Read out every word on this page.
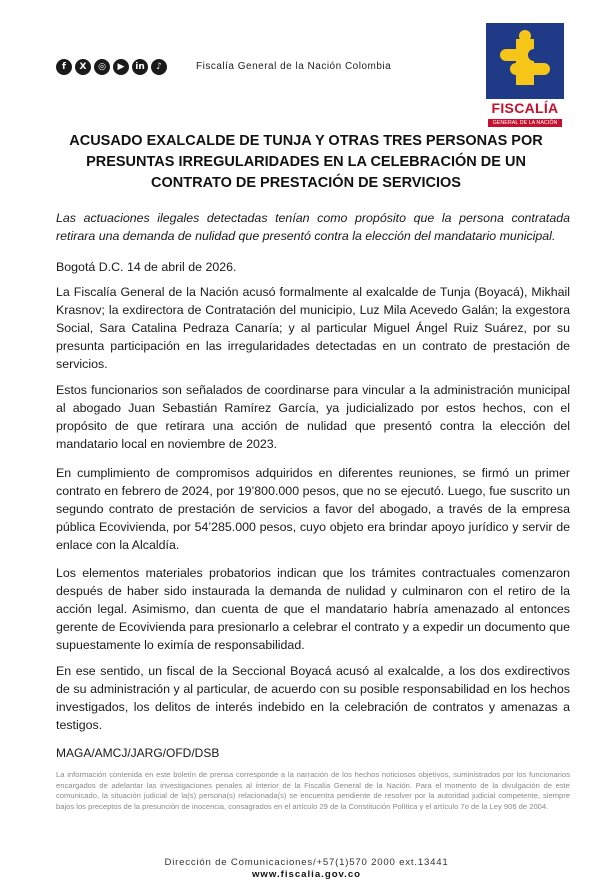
f	X	◎	▶	in	♪	Fiscalía General de la Nación Colombia
FISCALÍA
GENERAL DE LA NACIÓN
ACUSADO EXALCALDE DE TUNJA Y OTRAS TRES PERSONAS POR PRESUNTAS IRREGULARIDADES EN LA CELEBRACIÓN DE UN CONTRATO DE PRESTACIÓN DE SERVICIOS

Las actuaciones ilegales detectadas tenían como propósito que la persona contratada retirara una demanda de nulidad que presentó contra la elección del mandatario municipal.

Bogotá D.C. 14 de abril de 2026.

La Fiscalía General de la Nación acusó formalmente al exalcalde de Tunja (Boyacá), Mikhail Krasnov; la exdirectora de Contratación del municipio, Luz Mila Acevedo Galán; la exgestora Social, Sara Catalina Pedraza Canaría; y al particular Miguel Ángel Ruiz Suárez, por su presunta participación en las irregularidades detectadas en un contrato de prestación de servicios.

Estos funcionarios son señalados de coordinarse para vincular a la administración municipal al abogado Juan Sebastián Ramírez García, ya judicializado por estos hechos, con el propósito de que retirara una acción de nulidad que presentó contra la elección del mandatario local en noviembre de 2023.

En cumplimiento de compromisos adquiridos en diferentes reuniones, se firmó un primer contrato en febrero de 2024, por 19’800.000 pesos, que no se ejecutó. Luego, fue suscrito un segundo contrato de prestación de servicios a favor del abogado, a través de la empresa pública Ecovivienda, por 54’285.000 pesos, cuyo objeto era brindar apoyo jurídico y servir de enlace con la Alcaldía.

Los elementos materiales probatorios indican que los trámites contractuales comenzaron después de haber sido instaurada la demanda de nulidad y culminaron con el retiro de la acción legal. Asimismo, dan cuenta de que el mandatario habría amenazado al entonces gerente de Ecovivienda para presionarlo a celebrar el contrato y a expedir un documento que supuestamente lo eximía de responsabilidad.

En ese sentido, un fiscal de la Seccional Boyacá acusó al exalcalde, a los dos exdirectivos de su administración y al particular, de acuerdo con su posible responsabilidad en los hechos investigados, los delitos de interés indebido en la celebración de contratos y amenazas a testigos.

MAGA/AMCJ/JARG/OFD/DSB

La información contenida en este boletín de prensa corresponde a la narración de los hechos noticiosos objetivos, suministrados por los funcionarios encargados de adelantar las investigaciones penales al interior de la Fiscalía General de la Nación. Para el momento de la divulgación de este comunicado, la situación judicial de la(s) persona(s) relacionada(s) se encuentra pendiente de resolver por la autoridad judicial competente, siempre bajos los preceptos de la presunción de inocencia, consagrados en el artículo 29 de la Constitución Política y el artículo 7o de la Ley 906 de 2004.

Dirección de Comunicaciones/+57(1)570 2000 ext.13441

www.fiscalia.gov.co
